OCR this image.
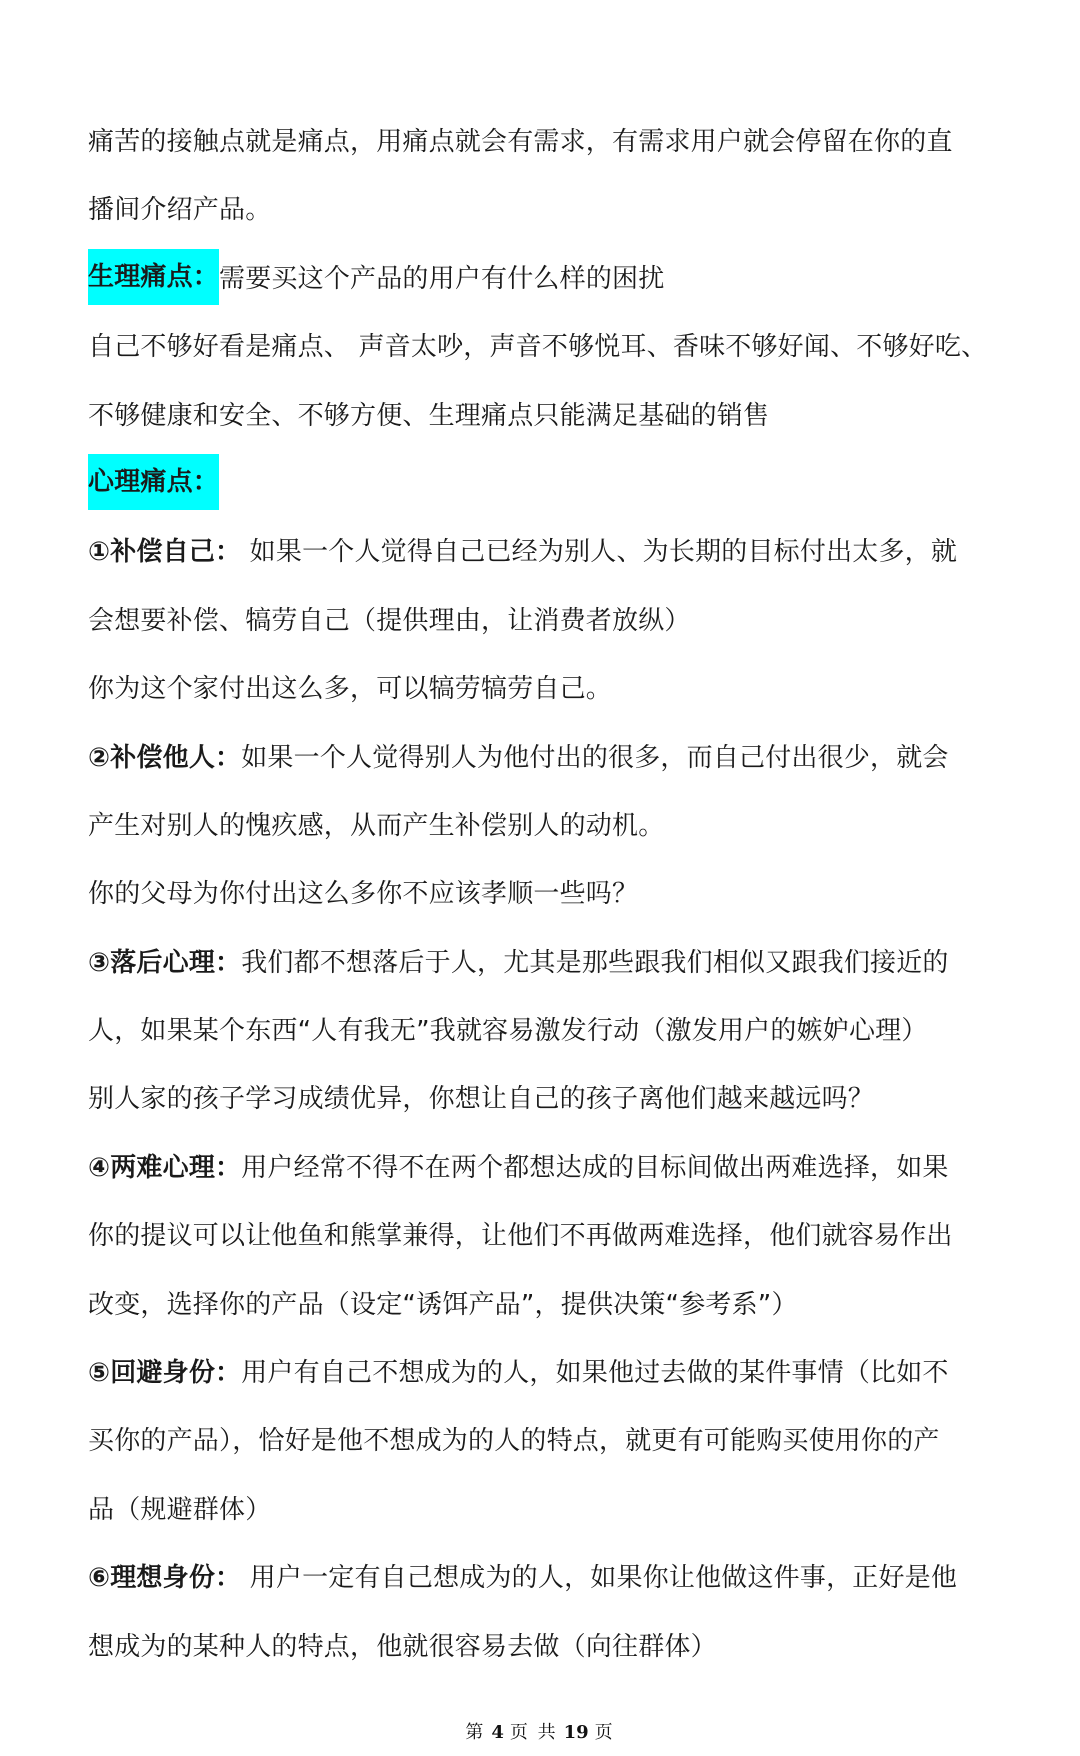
痛苦的接触点就是痛点，用痛点就会有需求，有需求用户就会停留在你的直
播间介绍产品。
生理痛点：需要买这个产品的用户有什么样的困扰
自己不够好看是痛点、 声音太吵，声音不够悦耳、香味不够好闻、不够好吃、
不够健康和安全、不够方便、生理痛点只能满足基础的销售
心理痛点：
①补偿自己： 如果一个人觉得自己已经为别人、为长期的目标付出太多，就
会想要补偿、犒劳自己（提供理由，让消费者放纵）
你为这个家付出这么多，可以犒劳犒劳自己。
②补偿他人：如果一个人觉得别人为他付出的很多，而自己付出很少，就会
产生对别人的愧疚感，从而产生补偿别人的动机。
你的父母为你付出这么多你不应该孝顺一些吗？
③落后心理：我们都不想落后于人，尤其是那些跟我们相似又跟我们接近的
人，如果某个东西“人有我无”我就容易激发行动（激发用户的嫉妒心理）
别人家的孩子学习成绩优异，你想让自己的孩子离他们越来越远吗？
④两难心理：用户经常不得不在两个都想达成的目标间做出两难选择，如果
你的提议可以让他鱼和熊掌兼得，让他们不再做两难选择，他们就容易作出
改变，选择你的产品（设定“诱饵产品”，提供决策“参考系”）
⑤回避身份：用户有自己不想成为的人，如果他过去做的某件事情（比如不
买你的产品），恰好是他不想成为的人的特点，就更有可能购买使用你的产
品（规避群体）
⑥理想身份： 用户一定有自己想成为的人，如果你让他做这件事，正好是他
想成为的某种人的特点，他就很容易去做（向往群体）
第 4 页 共 19 页
